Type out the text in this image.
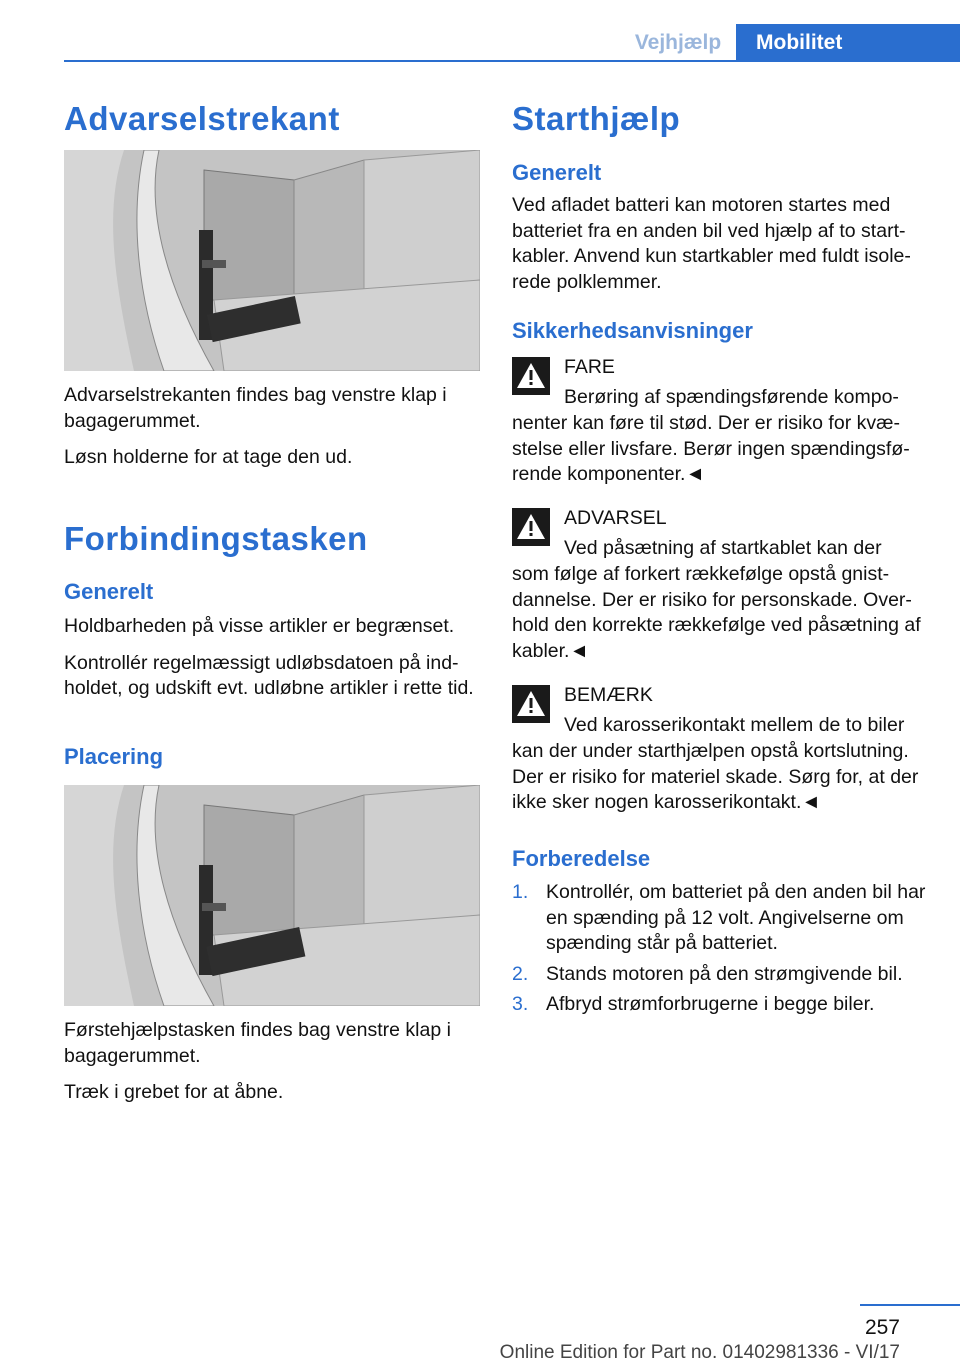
Vejhjælp	Mobilitet
Advarselstrekant

Advarselstrekanten findes bag venstre klap i bagagerummet.

Løsn holderne for at tage den ud.

Forbindingstasken
Generelt

Holdbarheden på visse artikler er begrænset.

Kontrollér regelmæssigt udløbsdatoen på ind-holdet, og udskift evt. udløbne artikler i rette tid.

Placering

Førstehjælpstasken findes bag venstre klap i bagagerummet.

Træk i grebet for at åbne.

Starthjælp
Generelt

Ved afladet batteri kan motoren startes med batteriet fra en anden bil ved hjælp af to start-kabler. Anvend kun startkabler med fuldt isole-rede polklemmer.

Sikkerhedsanvisninger
FARE
Berøring af spændingsførende kompo-
nenter kan føre til stød. Der er risiko for kvæ-stelse eller livsfare. Berør ingen spændingsfø-rende komponenter.◄
ADVARSEL
Ved påsætning af startkablet kan der
som følge af forkert rækkefølge opstå gnist-dannelse. Der er risiko for personskade. Over-hold den korrekte rækkefølge ved påsætning af kabler.◄
BEMÆRK
Ved karosserikontakt mellem de to biler
kan der under starthjælpen opstå kortslutning. Der er risiko for materiel skade. Sørg for, at der ikke sker nogen karosserikontakt.◄
Forberedelse
1. Kontrollér, om batteriet på den anden bil har en spænding på 12 volt. Angivelserne om spænding står på batteriet.
2. Stands motoren på den strømgivende bil.
3. Afbryd strømforbrugerne i begge biler.
257
Online Edition for Part no. 01402981336 - VI/17
